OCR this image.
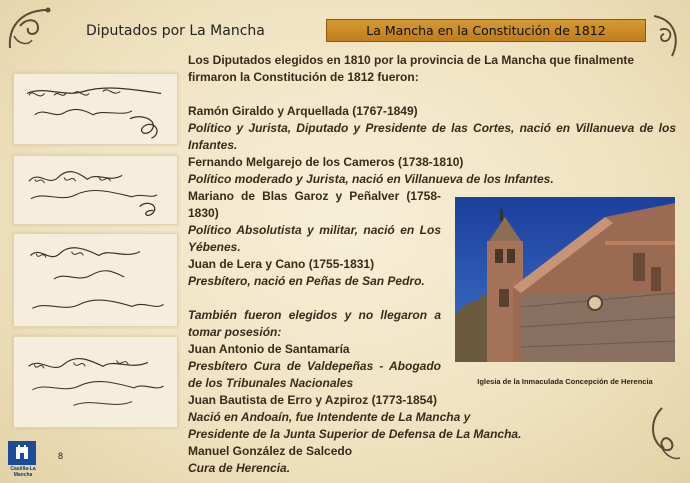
Diputados por La Mancha	La Mancha en la Constitución de 1812

Los Diputados elegidos en 1810 por la provincia de La Mancha que finalmente firmaron la Constitución de 1812 fueron:

Ramón Giraldo y Arquellada (1767-1849)

Político y Jurista, Diputado y Presidente de las Cortes, nació en Villanueva de los Infantes.

Fernando Melgarejo de los Cameros (1738-1810)

Político moderado y Jurista, nació en Villanueva de los Infantes.

Mariano de Blas Garoz y Peñalver (1758-1830)

Político Absolutista y militar, nació en Los Yébenes.

Juan de Lera y Cano (1755-1831)

Presbítero, nació en Peñas de San Pedro.

También fueron elegidos y no llegaron a tomar posesión:

Juan Antonio de Santamaría

Presbítero Cura de Valdepeñas - Abogado de los Tribunales Nacionales

Juan Bautista de Erro y Azpiroz (1773-1854)

Nació en Andoaín, fue Intendente de La Mancha y Presidente de la Junta Superior de Defensa de La Mancha.

Manuel González de Salcedo

Cura de Herencia.

Iglesia de la Inmaculada Concepción de Herencia
Castilla-La Mancha
8
